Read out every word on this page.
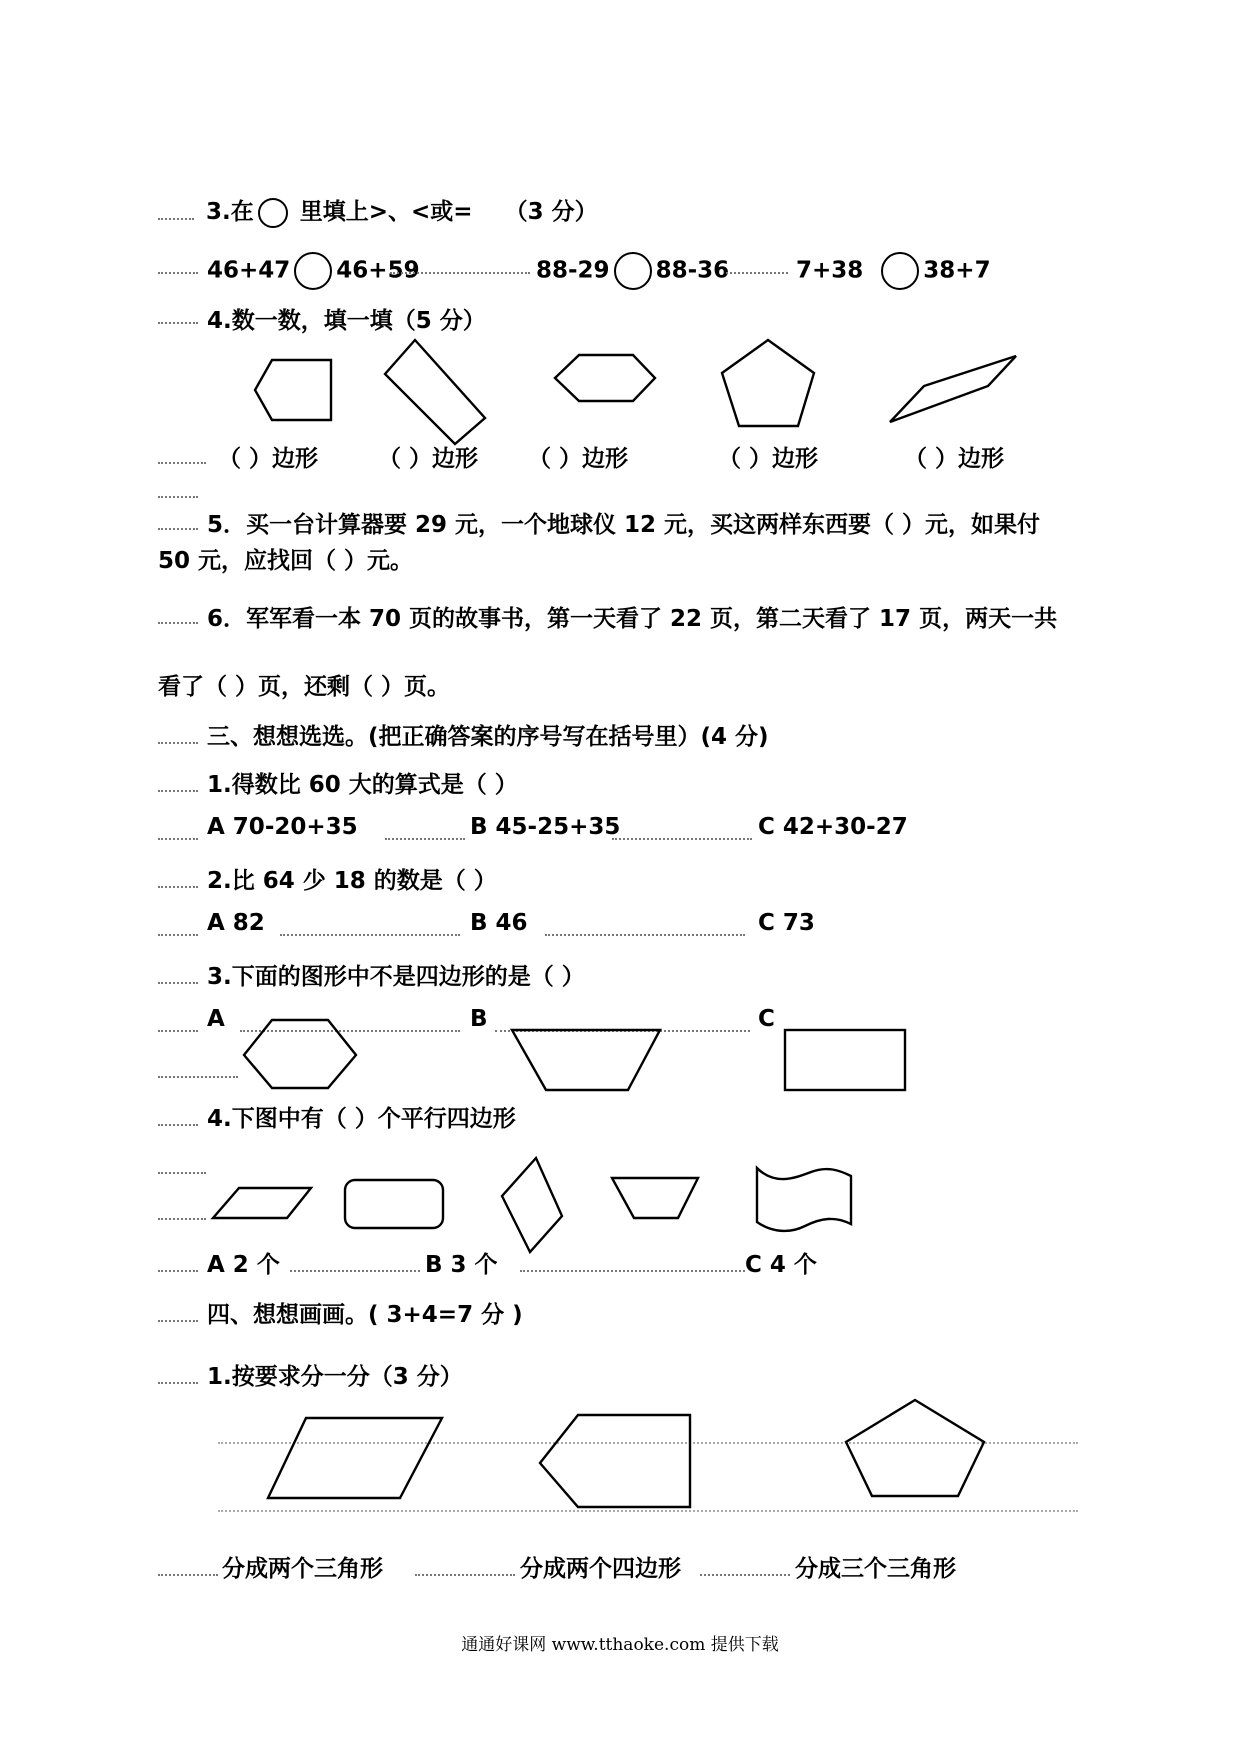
3.在 里填上>、<或= （3 分）
46+47 46+59	88-29 88-36	7+38	38+7
4.数一数，填一填（5 分）
（ ）边形	（ ）边形 （ ）边形	（ ）边形	（ ）边形
5．买一台计算器要 29 元，一个地球仪 12 元，买这两样东西要（ ）元，如果付
50 元，应找回（ ）元。
6．军军看一本 70 页的故事书，第一天看了 22 页，第二天看了 17 页，两天一共
看了（ ）页，还剩（ ）页。
三、想想选选。(把正确答案的序号写在括号里）(4 分)
1.得数比 60 大的算式是（ ）
A 70-20+35	B 45-25+35	C 42+30-27
2.比 64 少 18 的数是（ ）
A 82	B 46	C 73
3.下面的图形中不是四边形的是（ ）
A	B	C
4.下图中有（ ）个平行四边形
A 2 个	B 3 个	C 4 个
四、想想画画。( 3+4=7 分 )
1.按要求分一分（3 分）
分成两个三角形	分成两个四边形	分成三个三角形
通通好课网 www.tthaoke.com 提供下载
